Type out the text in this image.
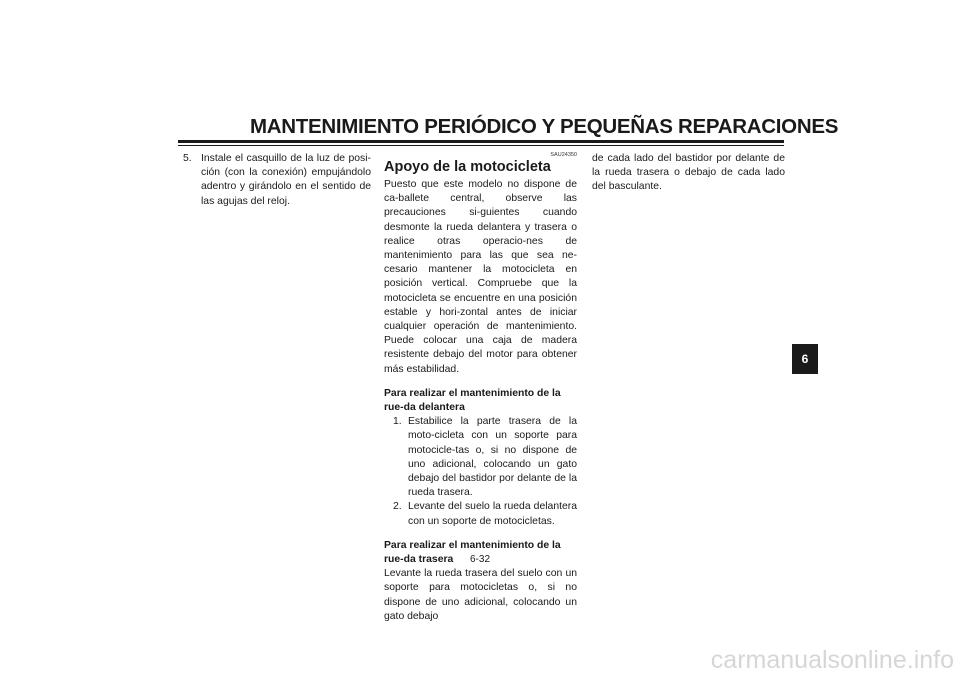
MANTENIMIENTO PERIÓDICO Y PEQUEÑAS REPARACIONES
5. Instale el casquillo de la luz de posi-ción (con la conexión) empujándolo adentro y girándolo en el sentido de las agujas del reloj.
SAU24350
Apoyo de la motocicleta
Puesto que este modelo no dispone de ca-ballete central, observe las precauciones si-guientes cuando desmonte la rueda delantera y trasera o realice otras operacio-nes de mantenimiento para las que sea ne-cesario mantener la motocicleta en posición vertical. Compruebe que la motocicleta se encuentre en una posición estable y hori-zontal antes de iniciar cualquier operación de mantenimiento. Puede colocar una caja de madera resistente debajo del motor para obtener más estabilidad.
Para realizar el mantenimiento de la rue-da delantera
1. Estabilice la parte trasera de la moto-cicleta con un soporte para motocicle-tas o, si no dispone de uno adicional, colocando un gato debajo del bastidor por delante de la rueda trasera.
2. Levante del suelo la rueda delantera con un soporte de motocicletas.
Para realizar el mantenimiento de la rue-da trasera
Levante la rueda trasera del suelo con un soporte para motocicletas o, si no dispone de uno adicional, colocando un gato debajo
de cada lado del bastidor por delante de la rueda trasera o debajo de cada lado del basculante.
6
6-32
carmanualsonline.info
